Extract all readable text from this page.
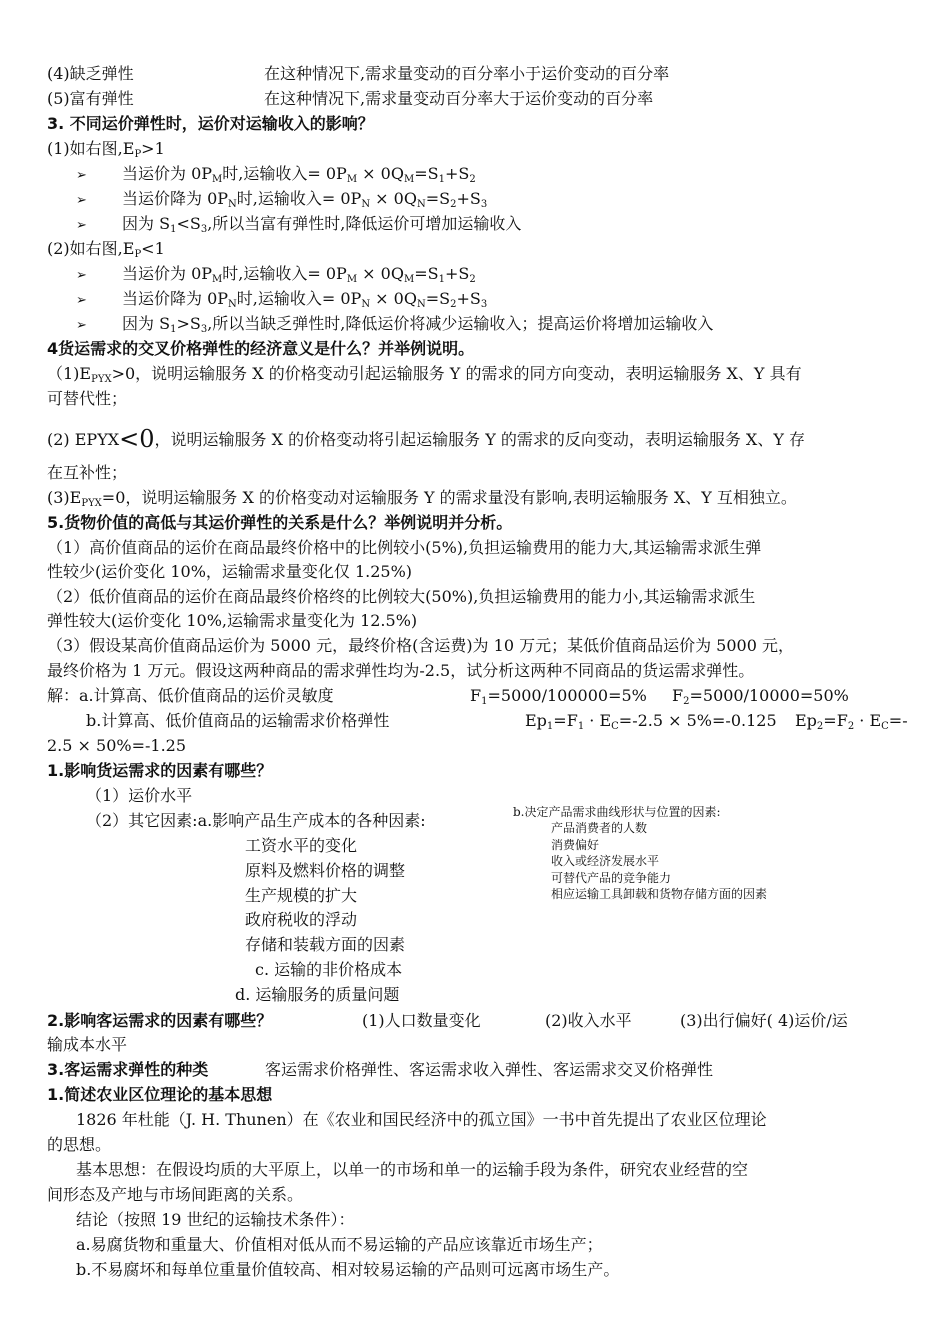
(4)缺乏弹性	在这种情况下,需求量变动的百分率小于运价变动的百分率
(5)富有弹性	在这种情况下,需求量变动百分率大于运价变动的百分率
3. 不同运价弹性时，运价对运输收入的影响？
(1)如右图$,E_P>1$
➢ 当运价为 $0P_M$时,运输收入= $0P_M \times 0Q_M=S_1+S_2$
➢ 当运价降为 $0P_N$时,运输收入= $0P_N \times 0Q_N=S_2+S_3$
➢ 因为 $S_1<S_3$,所以当富有弹性时,降低运价可增加运输收入
(2)如右图$,E_P<1$
➢ 当运价为 $0P_M$时,运输收入= $0P_M \times 0Q_M=S_1+S_2$
➢ 当运价降为 $0P_N$时,运输收入= $0P_N \times 0Q_N=S_2+S_3$
➢ 因为 $S_1>S_3$,所以当缺乏弹性时,降低运价将减少运输收入；提高运价将增加运输收入
4货运需求的交叉价格弹性的经济意义是什么？并举例说明。
$(1)E_{PYX}>0$，说明运输服务 X 的价格变动引起运输服务 Y 的需求的同方向变动，表明运输服务 X、Y 具有
可替代性；
(2) EPYX<0，说明运输服务 X 的价格变动将引起运输服务 Y 的需求的反向变动，表明运输服务 X、Y 存
在互补性；
$(3)E_{PYX}=0$，说明运输服务 X 的价格变动对运输服务 Y 的需求量没有影响,表明运输服务 X、Y 互相独立。
5.货物价值的高低与其运价弹性的关系是什么？举例说明并分析。
（1）高价值商品的运价在商品最终价格中的比例较小(5%),负担运输费用的能力大,其运输需求派生弹
性较少(运价变化 10%，运输需求量变化仅 1.25%)
（2）低价值商品的运价在商品最终价格终的比例较大(50%),负担运输费用的能力小,其运输需求派生
弹性较大(运价变化 10%,运输需求量变化为 12.5%)
（3）假设某高价值商品运价为 5000 元，最终价格(含运费)为 10 万元；某低价值商品运价为 5000 元，
最终价格为 1 万元。假设这两种商品的需求弹性均为-2.5，试分析这两种不同商品的货运需求弹性。
解：a.计算高、低价值商品的运价灵敏度	$F_1=5000/100000=5\%$ $F_2=5000/10000=50\%$
b.计算高、低价值商品的运输需求价格弹性	$Ep_1=F_1 \cdot E_C=-2.5 \times 5\%=-0.125$ $Ep_2=F_2 \cdot E_C=-$
2.5 × 50%=-1.25
1.影响货运需求的因素有哪些？
（1）运价水平
（2）其它因素:a.影响产品生产成本的各种因素:
工资水平的变化
原料及燃料价格的调整
生产规模的扩大
政府税收的浮动
存储和装载方面的因素
c. 运输的非价格成本
d. 运输服务的质量问题
b.决定产品需求曲线形状与位置的因素:
产品消费者的人数
消费偏好
收入或经济发展水平
可替代产品的竞争能力
相应运输工具卸载和货物存储方面的因素
2.影响客运需求的因素有哪些？	(1)人口数量变化	(2)收入水平	(3)出行偏好( 4)运价/运
输成本水平
3.客运需求弹性的种类	客运需求价格弹性、客运需求收入弹性、客运需求交叉价格弹性
1.简述农业区位理论的基本思想
1826 年杜能（J. H. Thunen）在《农业和国民经济中的孤立国》一书中首先提出了农业区位理论
的思想。
基本思想：在假设均质的大平原上，以单一的市场和单一的运输手段为条件，研究农业经营的空
间形态及产地与市场间距离的关系。
结论（按照 19 世纪的运输技术条件）：
a.易腐货物和重量大、价值相对低从而不易运输的产品应该靠近市场生产；
b.不易腐坏和每单位重量价值较高、相对较易运输的产品则可远离市场生产。
